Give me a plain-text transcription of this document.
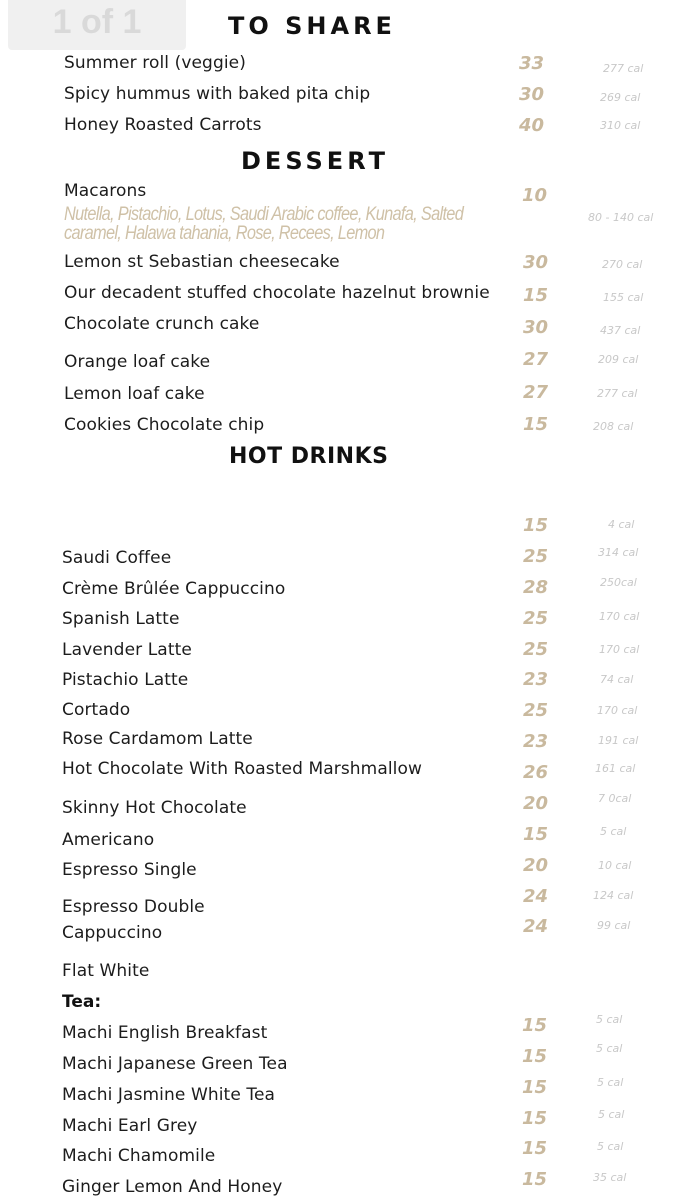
1 of 1	TO SHARE
Summer roll (veggie)	33	277 cal
Spicy hummus with baked pita chip	30	269 cal
Honey Roasted Carrots	40	310 cal
DESSERT
Macarons	10
Nutella, Pistachio, Lotus, Saudi Arabic coffee, Kunafa, Salted caramel, Halawa tahania, Rose, Recees, Lemon
80 - 140 cal
Lemon st Sebastian cheesecake	30	270 cal
Our decadent stuffed chocolate hazelnut brownie 15	155 cal
Chocolate crunch cake	30	437 cal
Orange loaf cake	27	209 cal
Lemon loaf cake	27	277 cal
Cookies Chocolate chip	15	208 cal
HOT DRINKS
15	4 cal
Saudi Coffee	25	314 cal
Crème Brûlée Cappuccino	28	250cal
Spanish Latte	25	170 cal
Lavender Latte	25	170 cal
Pistachio Latte	23	74 cal
Cortado	25	170 cal
Rose Cardamom Latte	23	191 cal
Hot Chocolate With Roasted Marshmallow	26	161 cal
Skinny Hot Chocolate	20	7 0cal
Americano	15	5 cal
Espresso Single	20	10 cal
Espresso Double	24	124 cal
Cappuccino	24	99 cal
Flat White
Tea:
Machi English Breakfast	15	5 cal
Machi Japanese Green Tea	15	5 cal
Machi Jasmine White Tea	15	5 cal
Machi Earl Grey	15	5 cal
Machi Chamomile	15	5 cal
Ginger Lemon And Honey	15	35 cal
